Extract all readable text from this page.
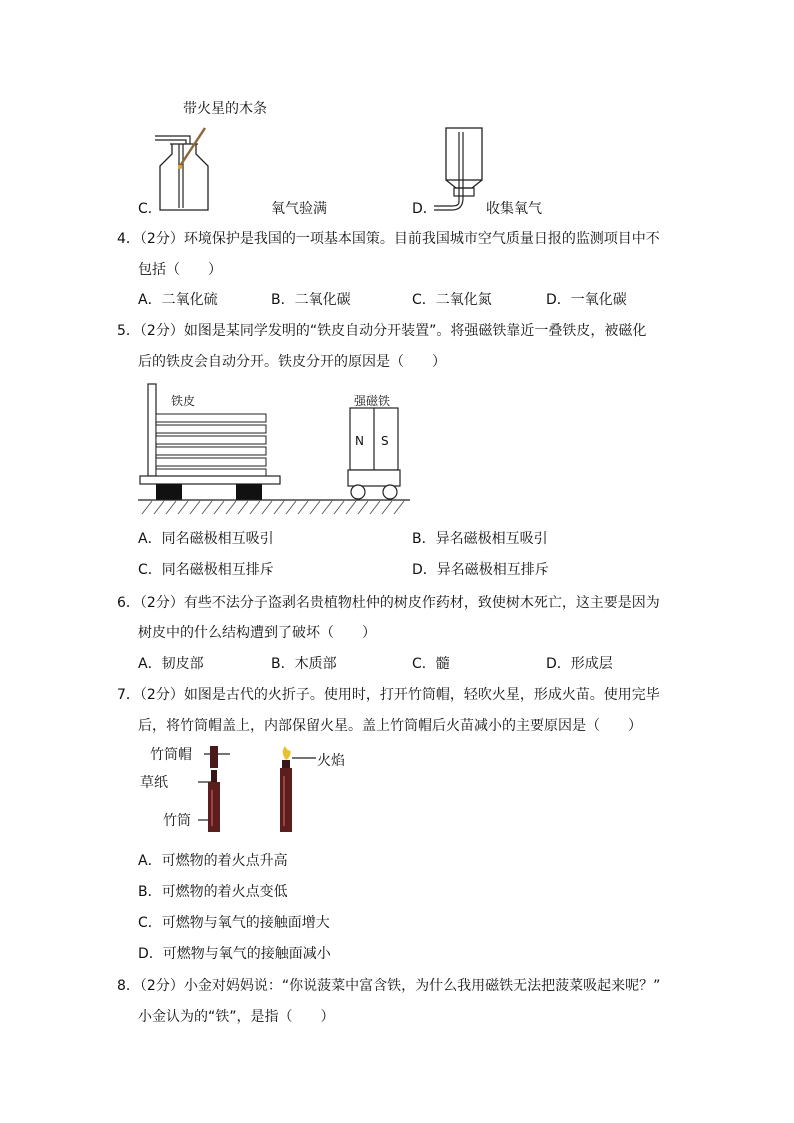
带火星的木条
C．	氧气验满	D．	收集氧气
4．（2分）环境保护是我国的一项基本国策。目前我国城市空气质量日报的监测项目中不
包括（　　）
A．二氧化硫	B．二氧化碳	C．二氧化氮	D．一氧化碳
5．（2分）如图是某同学发明的“铁皮自动分开装置”。将强磁铁靠近一叠铁皮，被磁化
后的铁皮会自动分开。铁皮分开的原因是（　　）
铁皮	强磁铁
N S
A．同名磁极相互吸引	B．异名磁极相互吸引
C．同名磁极相互排斥	D．异名磁极相互排斥
6．（2分）有些不法分子盗剥名贵植物杜仲的树皮作药材，致使树木死亡，这主要是因为
树皮中的什么结构遭到了破坏（　　）
A．韧皮部	B．木质部	C．髓	D．形成层
7．（2分）如图是古代的火折子。使用时，打开竹筒帽，轻吹火星，形成火苗。使用完毕
后，将竹筒帽盖上，内部保留火星。盖上竹筒帽后火苗减小的主要原因是（　　）
竹筒帽
草纸
竹筒
火焰
A．可燃物的着火点升高
B．可燃物的着火点变低
C．可燃物与氧气的接触面增大
D．可燃物与氧气的接触面减小
8．（2分）小金对妈妈说：“你说菠菜中富含铁，为什么我用磁铁无法把菠菜吸起来呢？”
小金认为的“铁”，是指（　　）
